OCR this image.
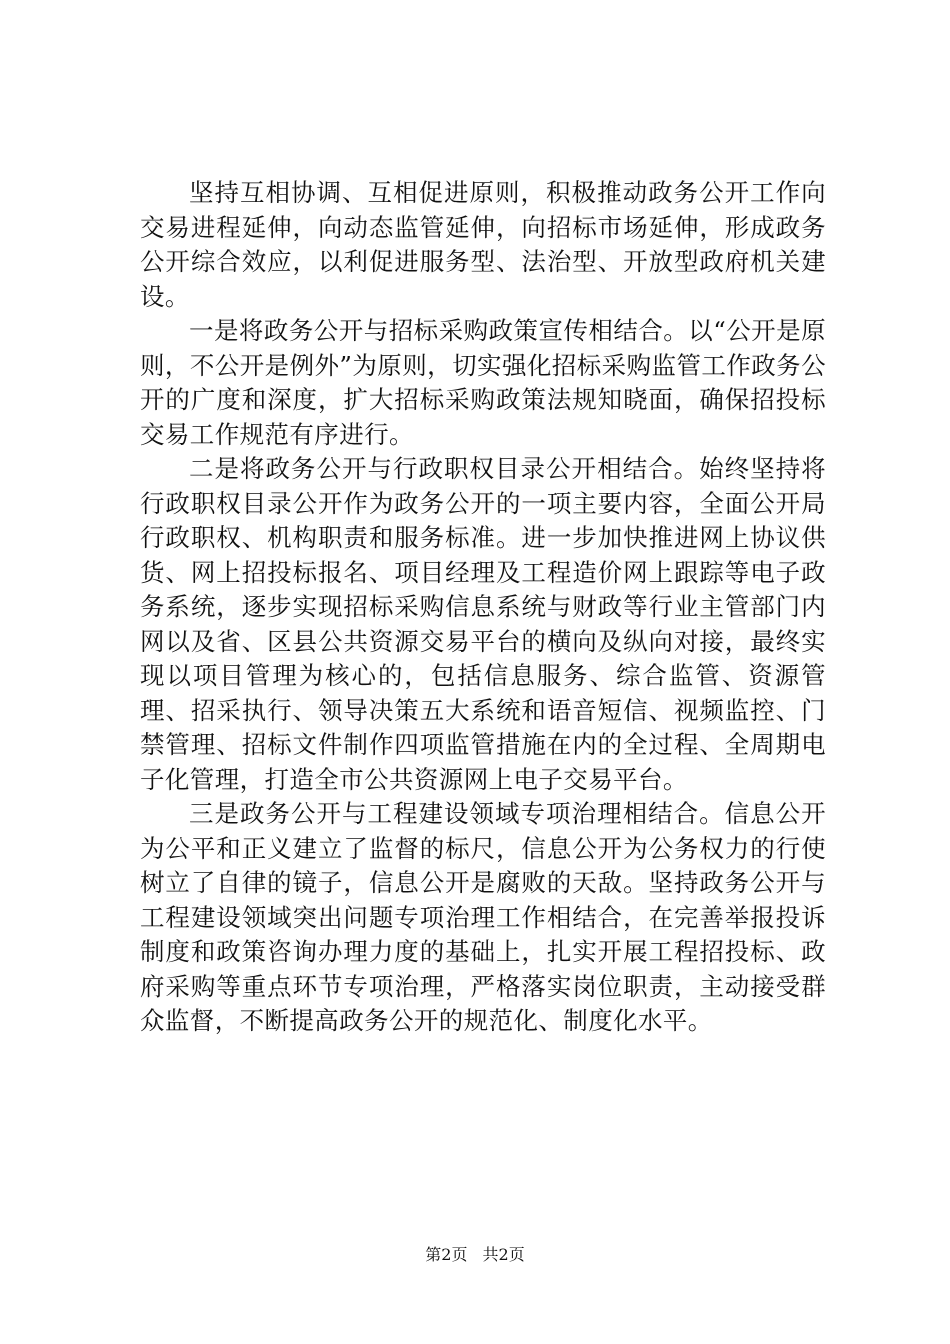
坚持互相协调、互相促进原则，积极推动政务公开工作向交易进程延伸，向动态监管延伸，向招标市场延伸，形成政务公开综合效应，以利促进服务型、法治型、开放型政府机关建设。

一是将政务公开与招标采购政策宣传相结合。以“公开是原则，不公开是例外”为原则，切实强化招标采购监管工作政务公开的广度和深度，扩大招标采购政策法规知晓面，确保招投标交易工作规范有序进行。

二是将政务公开与行政职权目录公开相结合。始终坚持将行政职权目录公开作为政务公开的一项主要内容，全面公开局行政职权、机构职责和服务标准。进一步加快推进网上协议供货、网上招投标报名、项目经理及工程造价网上跟踪等电子政务系统，逐步实现招标采购信息系统与财政等行业主管部门内网以及省、区县公共资源交易平台的横向及纵向对接，最终实现以项目管理为核心的，包括信息服务、综合监管、资源管理、招采执行、领导决策五大系统和语音短信、视频监控、门禁管理、招标文件制作四项监管措施在内的全过程、全周期电子化管理，打造全市公共资源网上电子交易平台。

三是政务公开与工程建设领域专项治理相结合。信息公开为公平和正义建立了监督的标尺，信息公开为公务权力的行使树立了自律的镜子，信息公开是腐败的天敌。坚持政务公开与工程建设领域突出问题专项治理工作相结合，在完善举报投诉制度和政策咨询办理力度的基础上，扎实开展工程招投标、政府采购等重点环节专项治理，严格落实岗位职责，主动接受群众监督，不断提高政务公开的规范化、制度化水平。

第2页 共2页
